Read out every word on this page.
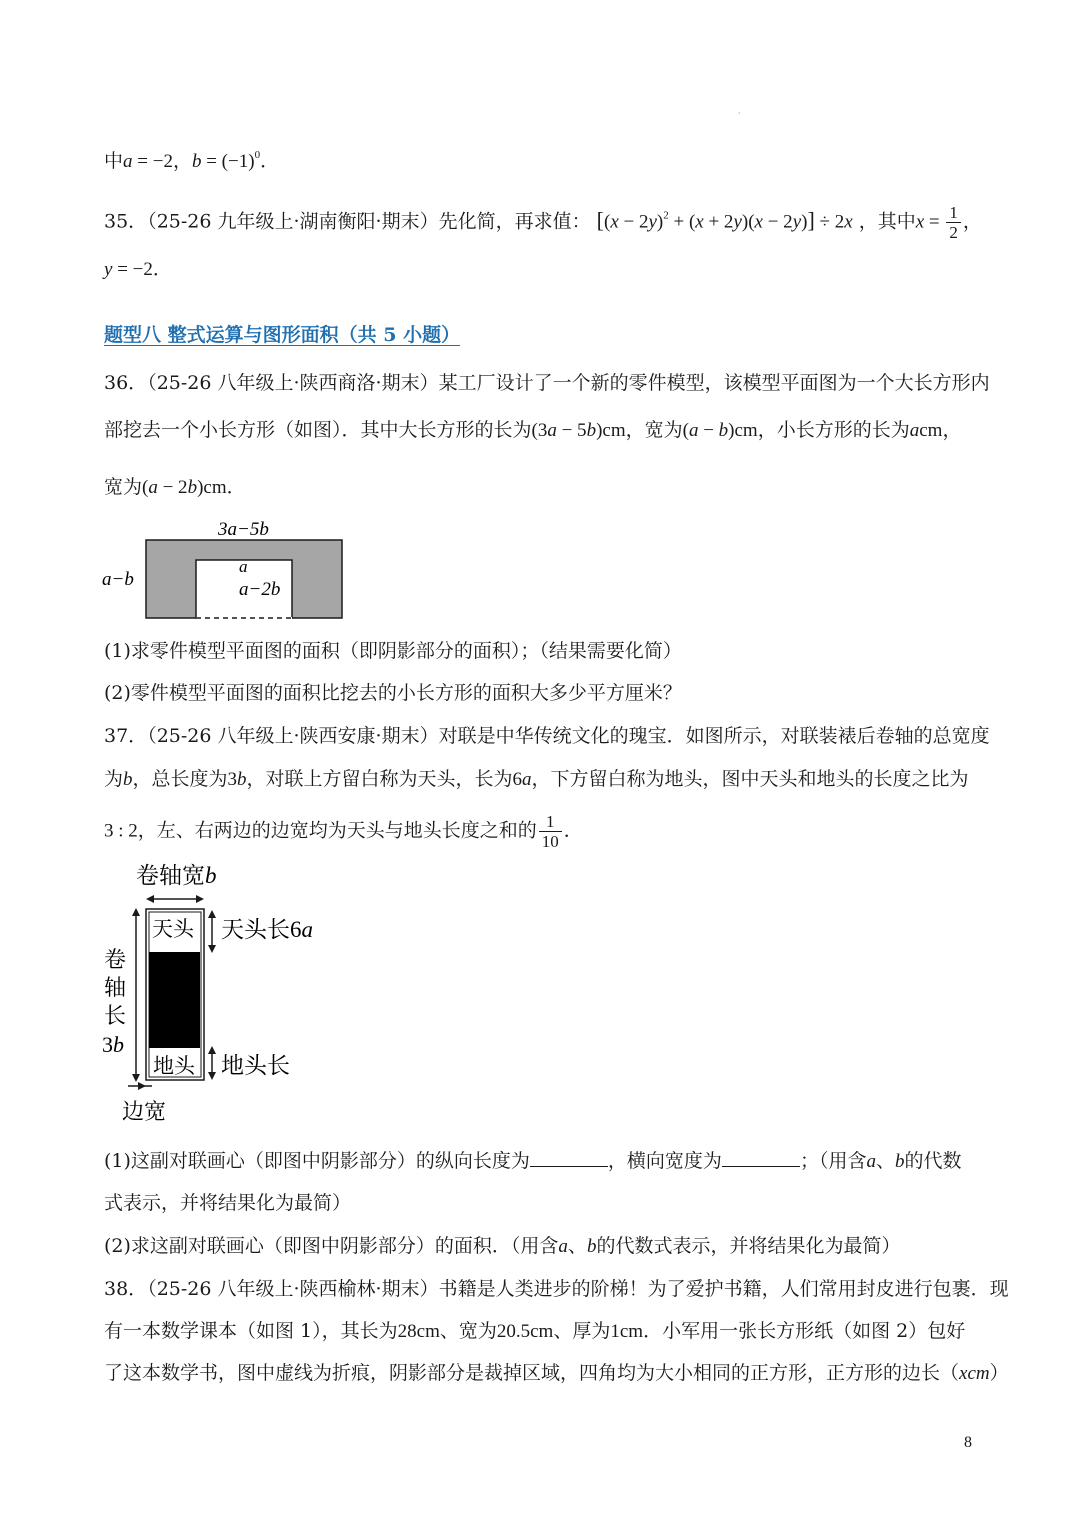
ˌ
中a = −2，$b = (-1)^0$．
35．（25-26 九年级上·湖南衡阳·期末）先化简，再求值： $[(x - 2y)^2 + (x + 2y)(x - 2y)] \div 2x$ ，其中$x = \frac{1}{2}$ ，
y = −2．
题型八 整式运算与图形面积（共 5 小题）
36．（25-26 八年级上·陕西商洛·期末）某工厂设计了一个新的零件模型，该模型平面图为一个大长方形内
部挖去一个小长方形（如图）．其中大长方形的长为(3a − 5b)cm，宽为(a − b)cm，小长方形的长为acm，
宽为(a − 2b)cm．
3a−5b
a−b
a
a−2b
(1)求零件模型平面图的面积（即阴影部分的面积）；（结果需要化简）
(2)零件模型平面图的面积比挖去的小长方形的面积大多少平方厘米？
37．（25-26 八年级上·陕西安康·期末）对联是中华传统文化的瑰宝．如图所示，对联装裱后卷轴的总宽度
为b，总长度为3b，对联上方留白称为天头，长为6a，下方留白称为地头，图中天头和地头的长度之比为
3 : 2，左、右两边的边宽均为天头与地头长度之和的 $\frac{1}{10}$ ．
卷轴宽b
天头
地头
卷
轴
长
3b
天头长6a
地头长
边宽
(1)这副对联画心（即图中阴影部分）的纵向长度为	，横向宽度为	；（用含a、b的代数
式表示，并将结果化为最简）
(2)求这副对联画心（即图中阴影部分）的面积．（用含a、b的代数式表示，并将结果化为最简）
38．（25-26 八年级上·陕西榆林·期末）书籍是人类进步的阶梯！为了爱护书籍，人们常用封皮进行包裹．现
有一本数学课本（如图 1），其长为28cm、宽为20.5cm、厚为1cm．小军用一张长方形纸（如图 2）包好
了这本数学书，图中虚线为折痕，阴影部分是裁掉区域，四角均为大小相同的正方形，正方形的边长（xcm）
8
